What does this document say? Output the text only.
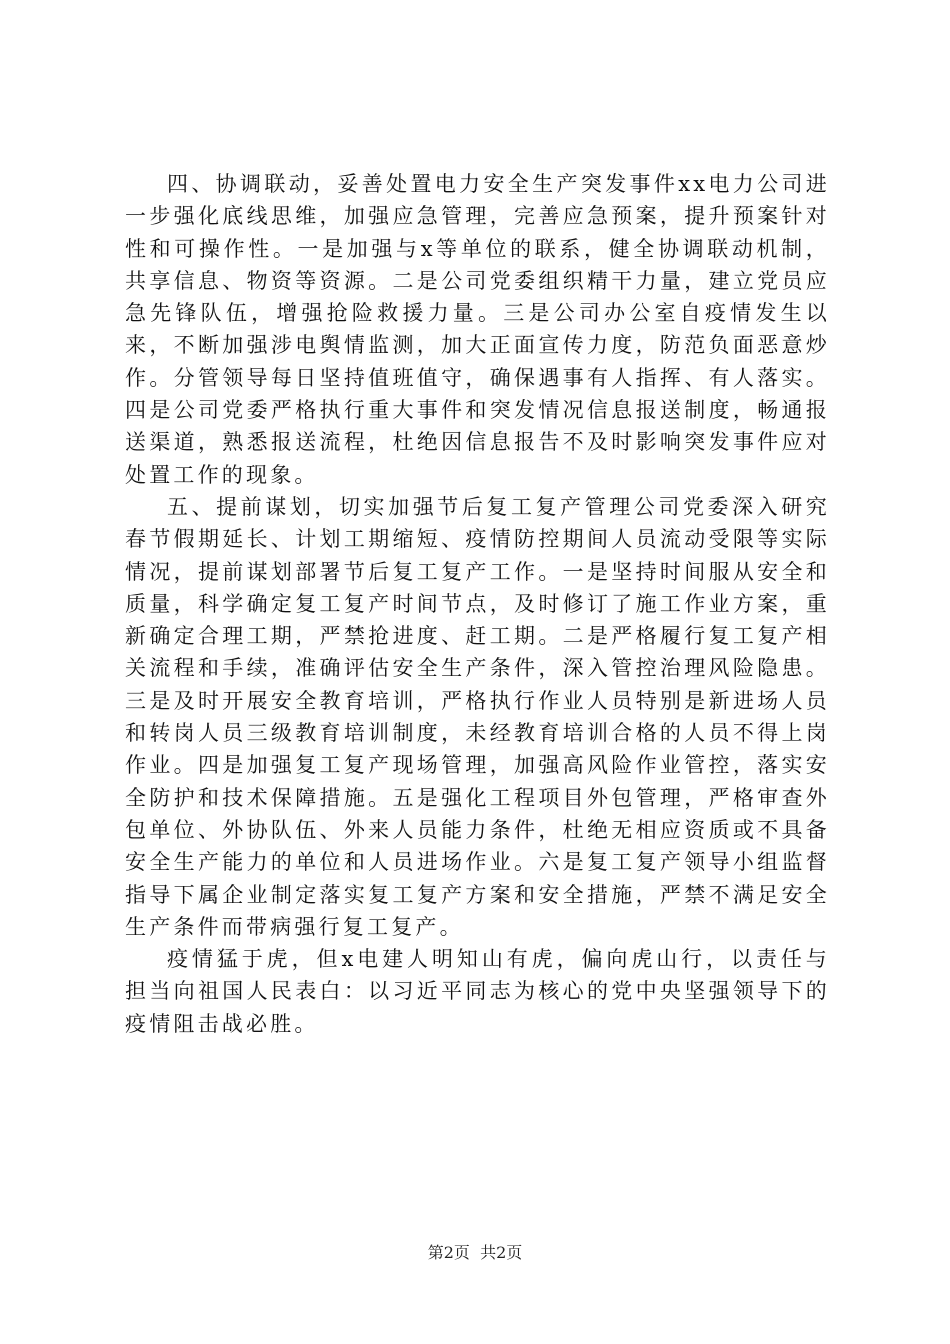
四、协调联动，妥善处置电力安全生产突发事件xx电力公司进一步强化底线思维，加强应急管理，完善应急预案，提升预案针对性和可操作性。一是加强与x等单位的联系，健全协调联动机制，共享信息、物资等资源。二是公司党委组织精干力量，建立党员应急先锋队伍，增强抢险救援力量。三是公司办公室自疫情发生以来，不断加强涉电舆情监测，加大正面宣传力度，防范负面恶意炒作。分管领导每日坚持值班值守，确保遇事有人指挥、有人落实。四是公司党委严格执行重大事件和突发情况信息报送制度，畅通报送渠道，熟悉报送流程，杜绝因信息报告不及时影响突发事件应对处置工作的现象。

五、提前谋划，切实加强节后复工复产管理公司党委深入研究春节假期延长、计划工期缩短、疫情防控期间人员流动受限等实际情况，提前谋划部署节后复工复产工作。一是坚持时间服从安全和质量，科学确定复工复产时间节点，及时修订了施工作业方案，重新确定合理工期，严禁抢进度、赶工期。二是严格履行复工复产相关流程和手续，准确评估安全生产条件，深入管控治理风险隐患。三是及时开展安全教育培训，严格执行作业人员特别是新进场人员和转岗人员三级教育培训制度，未经教育培训合格的人员不得上岗作业。四是加强复工复产现场管理，加强高风险作业管控，落实安全防护和技术保障措施。五是强化工程项目外包管理，严格审查外包单位、外协队伍、外来人员能力条件，杜绝无相应资质或不具备安全生产能力的单位和人员进场作业。六是复工复产领导小组监督指导下属企业制定落实复工复产方案和安全措施，严禁不满足安全生产条件而带病强行复工复产。

疫情猛于虎，但x电建人明知山有虎，偏向虎山行，以责任与担当向祖国人民表白：以习近平同志为核心的党中央坚强领导下的疫情阻击战必胜。

第2页 共2页
